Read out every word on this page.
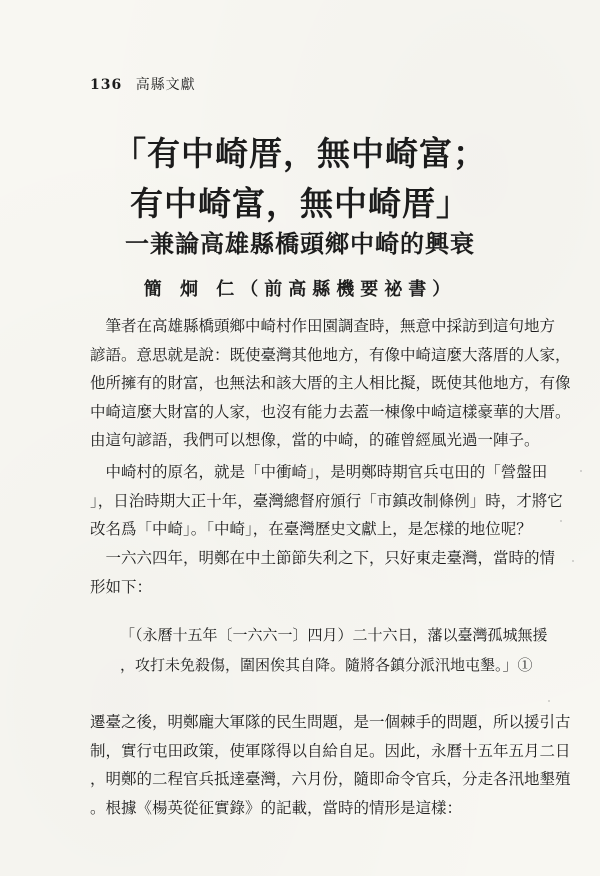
136 高縣文獻
「有中崎厝，無中崎富；
有中崎富，無中崎厝」
一兼論高雄縣橋頭鄉中崎的興衰
簡 炯 仁（前高縣機要祕書）
　筆者在高雄縣橋頭鄉中崎村作田園調查時，無意中採訪到這句地方
諺語。意思就是說：既使臺灣其他地方，有像中崎這麼大落厝的人家，
他所擁有的財富，也無法和該大厝的主人相比擬，既使其他地方，有像
中崎這麼大財富的人家，也沒有能力去蓋一棟像中崎這樣豪華的大厝。
由這句諺語，我們可以想像，當的中崎，的確曾經風光過一陣子。
　中崎村的原名，就是「中衝崎」，是明鄭時期官兵屯田的「營盤田
」，日治時期大正十年，臺灣總督府頒行「市鎮改制條例」時，才將它
改名爲「中崎」。「中崎」，在臺灣歷史文獻上，是怎樣的地位呢？
　一六六四年，明鄭在中土節節失利之下，只好東走臺灣，當時的情
形如下：
「（永曆十五年〔一六六一〕四月）二十六日，藩以臺灣孤城無援
，攻打未免殺傷，圍困俟其自降。隨將各鎮分派汛地屯墾。」①
遷臺之後，明鄭龐大軍隊的民生問題，是一個棘手的問題，所以援引古
制，實行屯田政策，使軍隊得以自給自足。因此，永曆十五年五月二日
，明鄭的二程官兵抵達臺灣，六月份，隨即命令官兵，分走各汛地墾殖
。根據《楊英從征實錄》的記載，當時的情形是這樣：
